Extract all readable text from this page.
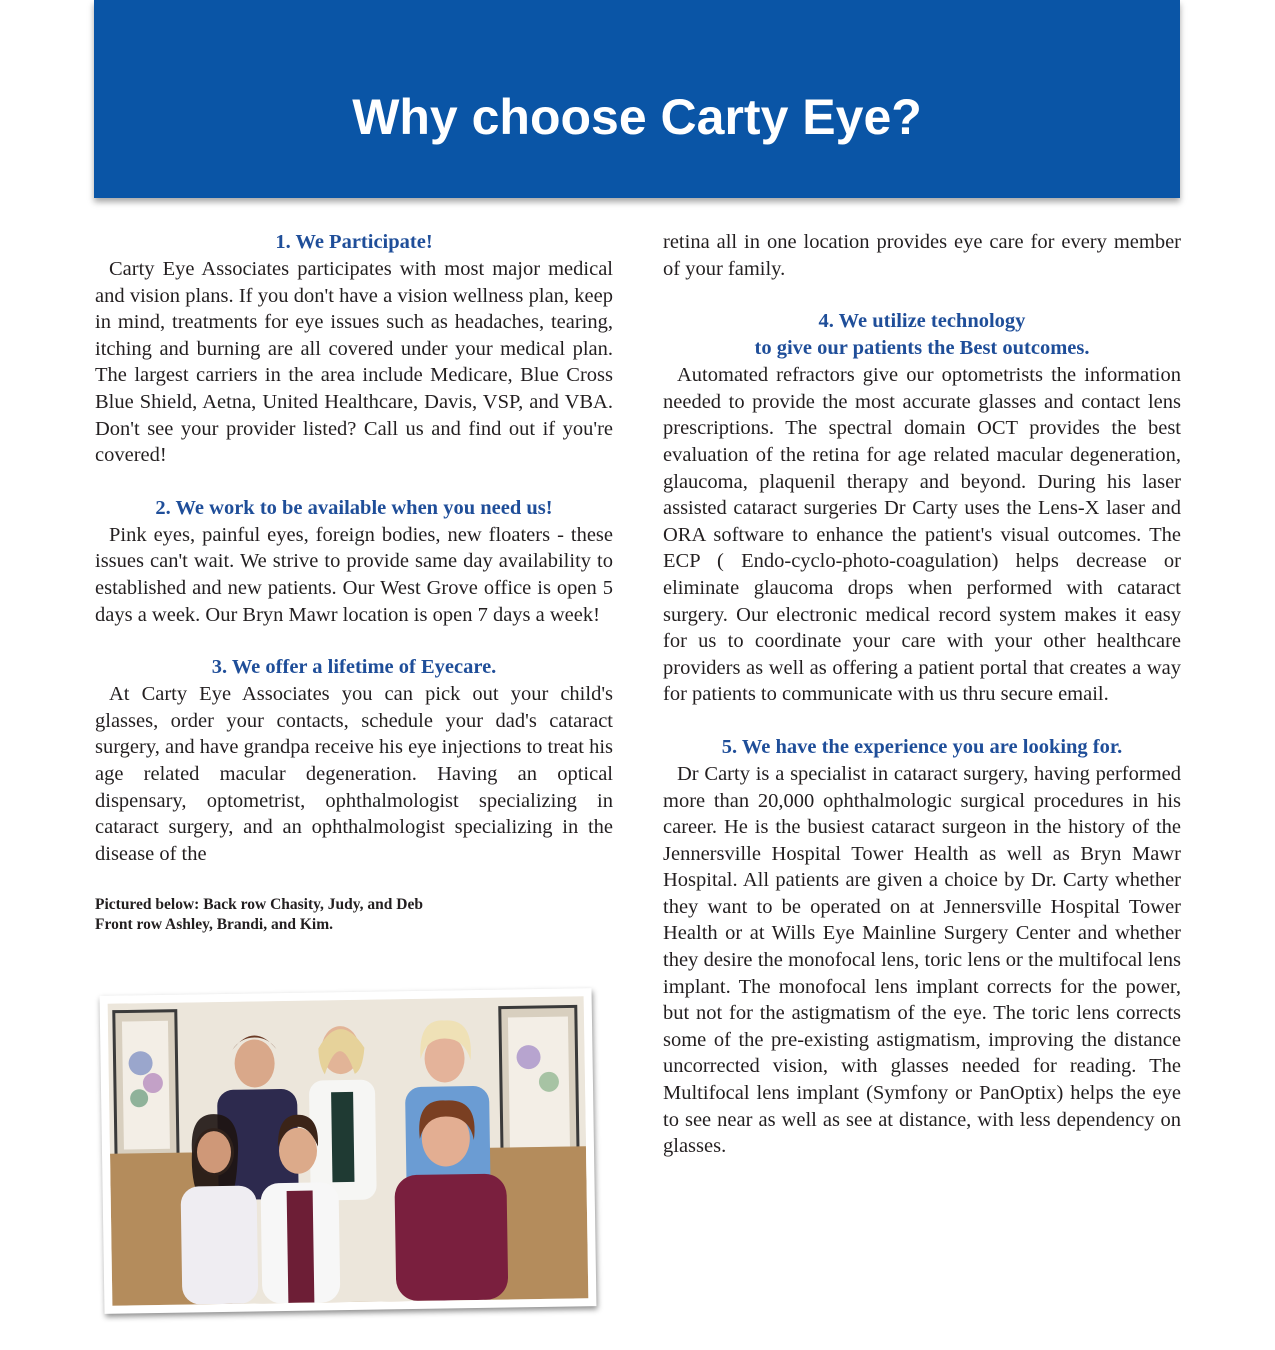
Why choose Carty Eye?
1. We Participate!

Carty Eye Associates participates with most major medical and vision plans. If you don't have a vision wellness plan, keep in mind, treatments for eye issues such as headaches, tearing, itching and burning are all covered under your medical plan. The largest carriers in the area include Medicare, Blue Cross Blue Shield, Aetna, United Healthcare, Davis, VSP, and VBA. Don't see your provider listed? Call us and find out if you're covered!

2. We work to be available when you need us!

Pink eyes, painful eyes, foreign bodies, new floaters - these issues can't wait. We strive to provide same day availability to established and new patients. Our West Grove office is open 5 days a week. Our Bryn Mawr location is open 7 days a week!

3. We offer a lifetime of Eyecare.

At Carty Eye Associates you can pick out your child's glasses, order your contacts, schedule your dad's cataract surgery, and have grandpa receive his eye injections to treat his age related macular degeneration. Having an optical dispensary, optometrist, ophthalmologist specializing in cataract surgery, and an ophthalmologist specializing in the disease of the

Pictured below: Back row Chasity, Judy, and Deb

Front row Ashley, Brandi, and Kim.

retina all in one location provides eye care for every member of your family.

4. We utilize technology
to give our patients the Best outcomes.

Automated refractors give our optometrists the information needed to provide the most accurate glasses and contact lens prescriptions. The spectral domain OCT provides the best evaluation of the retina for age related macular degeneration, glaucoma, plaquenil therapy and beyond. During his laser assisted cataract surgeries Dr Carty uses the Lens-X laser and ORA software to enhance the patient's visual outcomes. The ECP ( Endo-cyclo-photo-coagulation) helps decrease or eliminate glaucoma drops when performed with cataract surgery. Our electronic medical record system makes it easy for us to coordinate your care with your other healthcare providers as well as offering a patient portal that creates a way for patients to communicate with us thru secure email.

5. We have the experience you are looking for.

Dr Carty is a specialist in cataract surgery, having performed more than 20,000 ophthalmologic surgical procedures in his career. He is the busiest cataract surgeon in the history of the Jennersville Hospital Tower Health as well as Bryn Mawr Hospital. All patients are given a choice by Dr. Carty whether they want to be operated on at Jennersville Hospital Tower Health or at Wills Eye Mainline Surgery Center and whether they desire the monofocal lens, toric lens or the multifocal lens implant. The monofocal lens implant corrects for the power, but not for the astigmatism of the eye. The toric lens corrects some of the pre-existing astigmatism, improving the distance uncorrected vision, with glasses needed for reading. The Multifocal lens implant (Symfony or PanOptix) helps the eye to see near as well as see at distance, with less dependency on glasses.
